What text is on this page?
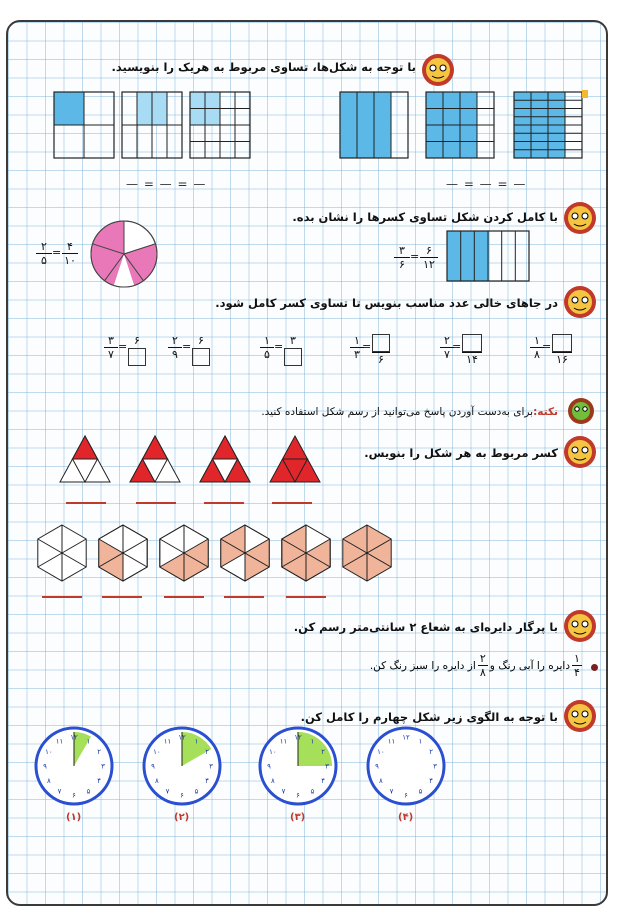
با توجه به شکل‌ها، تساوی مربوط به هریک را بنویسید.
— = — = —	— = — = —
با کامل کردن شکل تساوی کسرها را نشان بده.
۲
۵
= ۴
۱۰
۳
۶
= ۶
۱۲
در جاهای خالی عدد مناسب بنویس تا تساوی کسر کامل شود.
۳
۷
= ۶	۲
۹
= ۶	۱
۵
= ۳	۱
۳
=
۶
۲
۷
=
۱۴
۱
۸
=
۱۶
نکته:برای به‌دست آوردن پاسخ می‌توانید از رسم شکل استفاده کنید.
کسر مربوط به هر شکل را بنویس.
با پرگار دایره‌ای به شعاع ۲ سانتی‌متر رسم کن.
$\frac{۱}{۴}$
دایره را آبی رنگ و
$\frac{۲}{۸}$
از دایره را سبز رنگ کن.
با توجه به الگوی زیر شکل چهارم را کامل کن.
۱۲ ۱
۲
۳
۴
۵
۶
۷
۸
۹
۱۰
۱۱	۱۲ ۱
۲
۳
۴
۵
۶
۷
۸
۹
۱۰
۱۱	۱۲ ۱
۲
۳
۴
۵
۶
۷
۸
۹
۱۰
۱۱	۱۲ ۱
۲
۳
۴
۵
۶
۷
۸
۹
۱۰
۱۱
(۱)	(۲)	(۳)	(۴)
